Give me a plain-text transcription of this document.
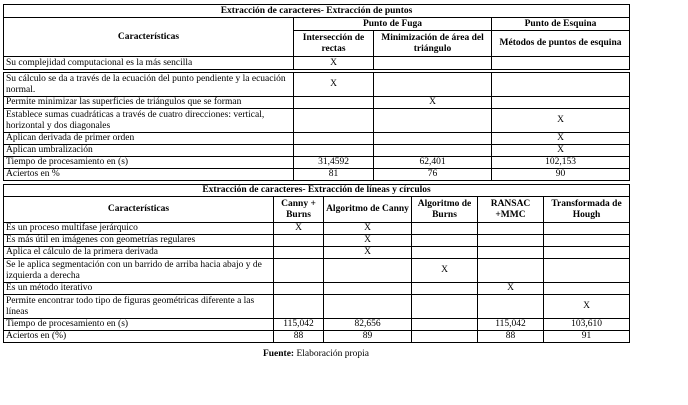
Extracción de caracteres- Extracción de puntos			
Características	Punto de Fuga		Punto de Esquina
	Intersección de rectas	Minimización de área del triángulo	Métodos de puntos de esquina
Su complejidad computacional es la más sencilla	X		

Su cálculo se da a través de la ecuación del punto pendiente y la ecuación normal.	X		
Permite minimizar las superficies de triángulos que se forman		X	
Establece sumas cuadráticas a través de cuatro direcciones: vertical, horizontal y dos diagonales			X
Aplican derivada de primer orden			X
Aplican umbralización			X
Tiempo de procesamiento en (s)	31,4592	62,401	102,153
Aciertos en %	81	76	90
Extracción de caracteres- Extracción de líneas y círculos					
Características	Canny + Burns	Algoritmo de Canny	Algoritmo de Burns	RANSAC +MMC	Transformada de Hough
Es un proceso multifase jerárquico	X	X			
Es más útil en imágenes con geometrías regulares		X			
Aplica el cálculo de la primera derivada		X			
Se le aplica segmentación con un barrido de arriba hacia abajo y de izquierda a derecha			X		
Es un método iterativo				X	
Permite encontrar todo tipo de figuras geométricas diferente a las líneas					X
Tiempo de procesamiento en (s)	115,042	82,656		115,042	103,610
Aciertos en (%)	88	89		88	91
Fuente: Elaboración propia
